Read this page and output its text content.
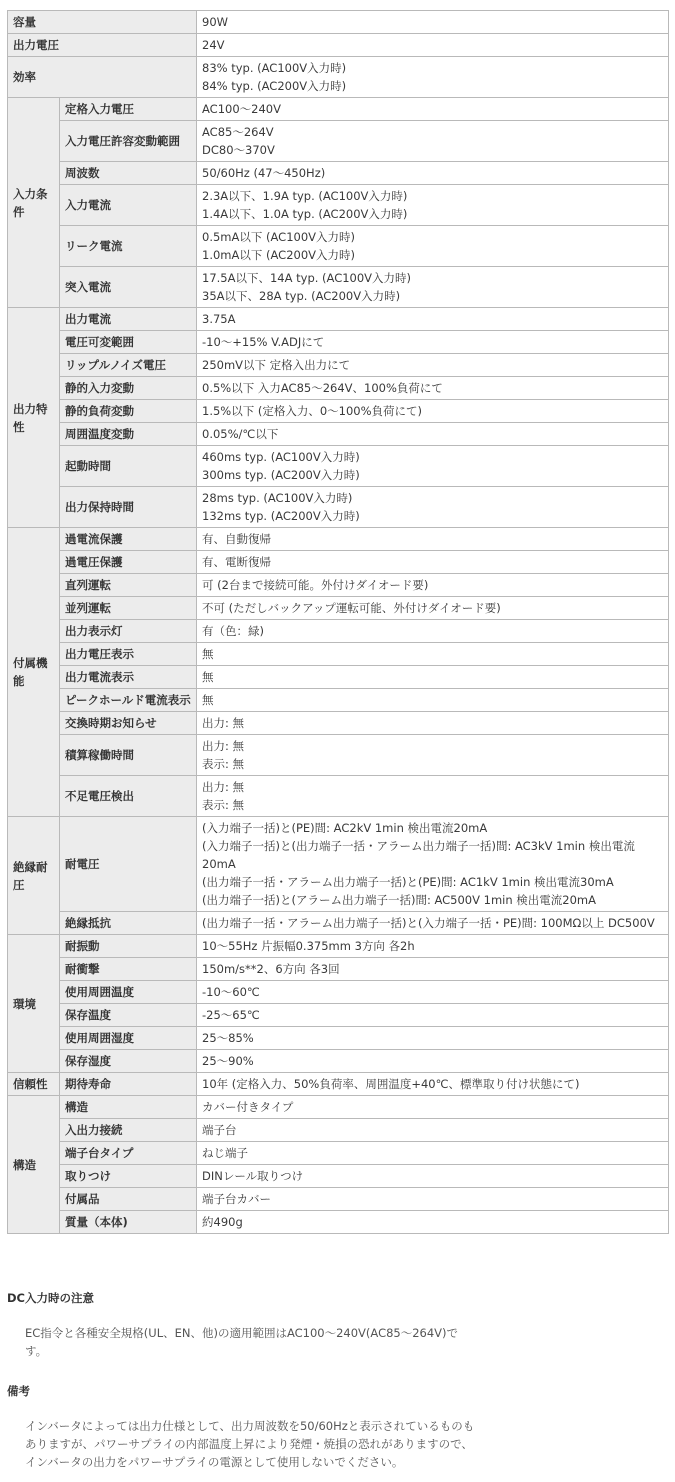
容量		90W

出力電圧		24V

効率		83% typ. (AC100V入力時)
84% typ. (AC200V入力時)

入力条件	定格入力電圧	AC100～240V

	入力電圧許容変動範囲	AC85～264V
DC80～370V

	周波数	50/60Hz (47～450Hz)

	入力電流	2.3A以下、1.9A typ. (AC100V入力時)
1.4A以下、1.0A typ. (AC200V入力時)

	リーク電流	0.5mA以下 (AC100V入力時)
1.0mA以下 (AC200V入力時)

	突入電流	17.5A以下、14A typ. (AC100V入力時)
35A以下、28A typ. (AC200V入力時)

出力特性	出力電流	3.75A

	電圧可変範囲	-10～+15% V.ADJにて

	リップルノイズ電圧	250mV以下 定格入出力にて

	静的入力変動	0.5%以下 入力AC85～264V、100%負荷にて

	静的負荷変動	1.5%以下 (定格入力、0～100%負荷にて)

	周囲温度変動	0.05%/℃以下

	起動時間	460ms typ. (AC100V入力時)
300ms typ. (AC200V入力時)

	出力保持時間	28ms typ. (AC100V入力時)
132ms typ. (AC200V入力時)

付属機能	過電流保護	有、自動復帰

	過電圧保護	有、電断復帰

	直列運転	可 (2台まで接続可能。外付けダイオード要)

	並列運転	不可 (ただしバックアップ運転可能、外付けダイオード要)

	出力表示灯	有（色：緑)

	出力電圧表示	無

	出力電流表示	無

	ピークホールド電流表示	無

	交換時期お知らせ	出力: 無

	積算稼働時間	出力: 無
表示: 無

	不足電圧検出	出力: 無
表示: 無

絶縁耐圧	耐電圧	(入力端子一括)と(PE)間: AC2kV 1min 検出電流20mA
(入力端子一括)と(出力端子一括・アラーム出力端子一括)間: AC3kV 1min 検出電流20mA
(出力端子一括・アラーム出力端子一括)と(PE)間: AC1kV 1min 検出電流30mA
(出力端子一括)と(アラーム出力端子一括)間: AC500V 1min 検出電流20mA

	絶縁抵抗	(出力端子一括・アラーム出力端子一括)と(入力端子一括・PE)間: 100MΩ以上 DC500V

環境	耐振動	10～55Hz 片振幅0.375mm 3方向 各2h

	耐衝撃	150m/s**2、6方向 各3回

	使用周囲温度	-10～60℃

	保存温度	-25～65℃

	使用周囲湿度	25～85%

	保存湿度	25～90%

信頼性	期待寿命	10年 (定格入力、50%負荷率、周囲温度+40℃、標準取り付け状態にて)

構造	構造	カバー付きタイプ

	入出力接続	端子台

	端子台タイプ	ねじ端子

	取りつけ	DINレール取りつけ

	付属品	端子台カバー

	質量（本体)	約490g
DC入力時の注意
EC指令と各種安全規格(UL、EN、他)の適用範囲はAC100～240V(AC85～264V)です。
備考
インバータによっては出力仕様として、出力周波数を50/60Hzと表示されているものもありますが、パワーサプライの内部温度上昇により発煙・焼損の恐れがありますので、インバータの出力をパワーサプライの電源として使用しないでください。
